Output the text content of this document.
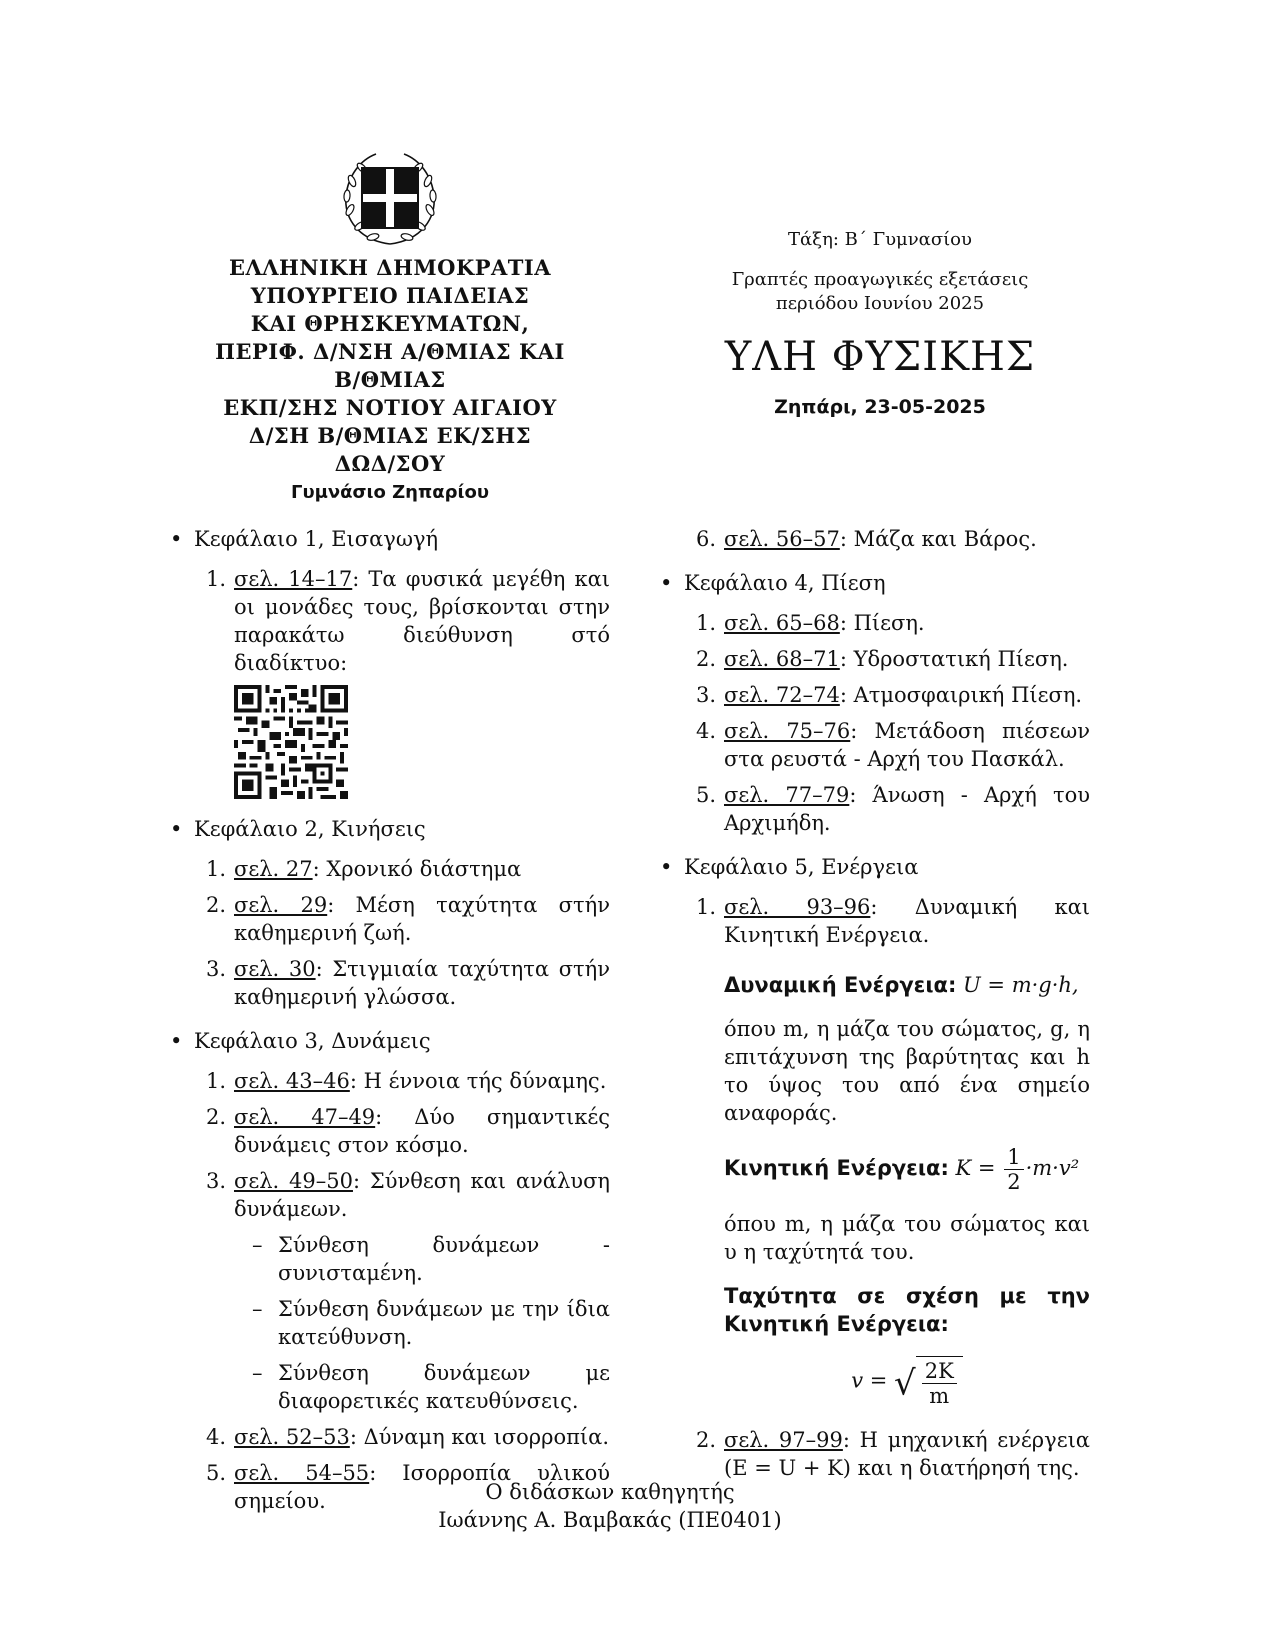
ΕΛΛΗΝΙΚΗ ΔΗΜΟΚΡΑΤΙΑ

ΥΠΟΥΡΓΕΙΟ ΠΑΙΔΕΙΑΣ

ΚΑΙ ΘΡΗΣΚΕΥΜΑΤΩΝ,

ΠΕΡΙΦ. Δ/ΝΣΗ Α/ΘΜΙΑΣ ΚΑΙ

Β/ΘΜΙΑΣ

ΕΚΠ/ΣΗΣ ΝΟΤΙΟΥ ΑΙΓΑΙΟΥ

Δ/ΣΗ Β/ΘΜΙΑΣ ΕΚ/ΣΗΣ

ΔΩΔ/ΣΟΥ

Γυμνάσιο Ζηπαρίου
Τάξη: Β΄ Γυμνασίου
Γραπτές προαγωγικές εξετάσεις
περιόδου Ιουνίου 2025
ΥΛΗ ΦΥΣΙΚΗΣ
Ζηπάρι, 23-05-2025
• Κεφάλαιο 1, Εισαγωγή
1. σελ. 14–17: Τα φυσικά μεγέθη και οι μονάδες τους, βρίσκονται στην παρακάτω διεύθυνση στό διαδίκτυο:
• Κεφάλαιο 2, Κινήσεις
1. σελ. 27: Χρονικό διάστημα
2. σελ. 29: Μέση ταχύτητα στήν καθημερινή ζωή.
3. σελ. 30: Στιγμιαία ταχύτητα στήν καθημερινή γλώσσα.
• Κεφάλαιο 3, Δυνάμεις
1. σελ. 43–46: Η έννοια τής δύναμης.
2. σελ. 47–49: Δύο σημαντικές δυνάμεις στον κόσμο.
3. σελ. 49–50: Σύνθεση και ανάλυση δυνάμεων.
– Σύνθεση δυνάμεων - συνισταμένη.
– Σύνθεση δυνάμεων με την ίδια κατεύθυνση.
– Σύνθεση δυνάμεων με διαφορετικές κατευθύνσεις.
4. σελ. 52–53: Δύναμη και ισορροπία.
5. σελ. 54–55: Ισορροπία υλικού σημείου.
6. σελ. 56–57: Μάζα και Βάρος.
• Κεφάλαιο 4, Πίεση
1. σελ. 65–68: Πίεση.
2. σελ. 68–71: Υδροστατική Πίεση.
3. σελ. 72–74: Ατμοσφαιρική Πίεση.
4. σελ. 75–76: Μετάδοση πιέσεων στα ρευστά - Αρχή του Πασκάλ.
5. σελ. 77–79: Άνωση - Αρχή του Αρχιμήδη.
• Κεφάλαιο 5, Ενέργεια
1. σελ. 93–96: Δυναμική και Κινητική Ενέργεια.
Δυναμική Ενέργεια: U = m·g·h,
όπου m, η μάζα του σώματος, g, η επιτάχυνση της βαρύτητας και h το ύψος του από ένα σημείο αναφοράς.
Κινητική Ενέργεια: $K = \frac{1}{2} \cdot m\cdot v^2$
όπου m, η μάζα του σώματος και υ η ταχύτητά του.
Ταχύτητα σε σχέση με την Κινητική Ενέργεια:
v = √ $\frac{2K}{m}$
2. σελ. 97–99: Η μηχανική ενέργεια (E = U + K) και η διατήρησή της.
Ο διδάσκων καθηγητής
Ιωάννης Α. Βαμβακάς (ΠΕ0401)
